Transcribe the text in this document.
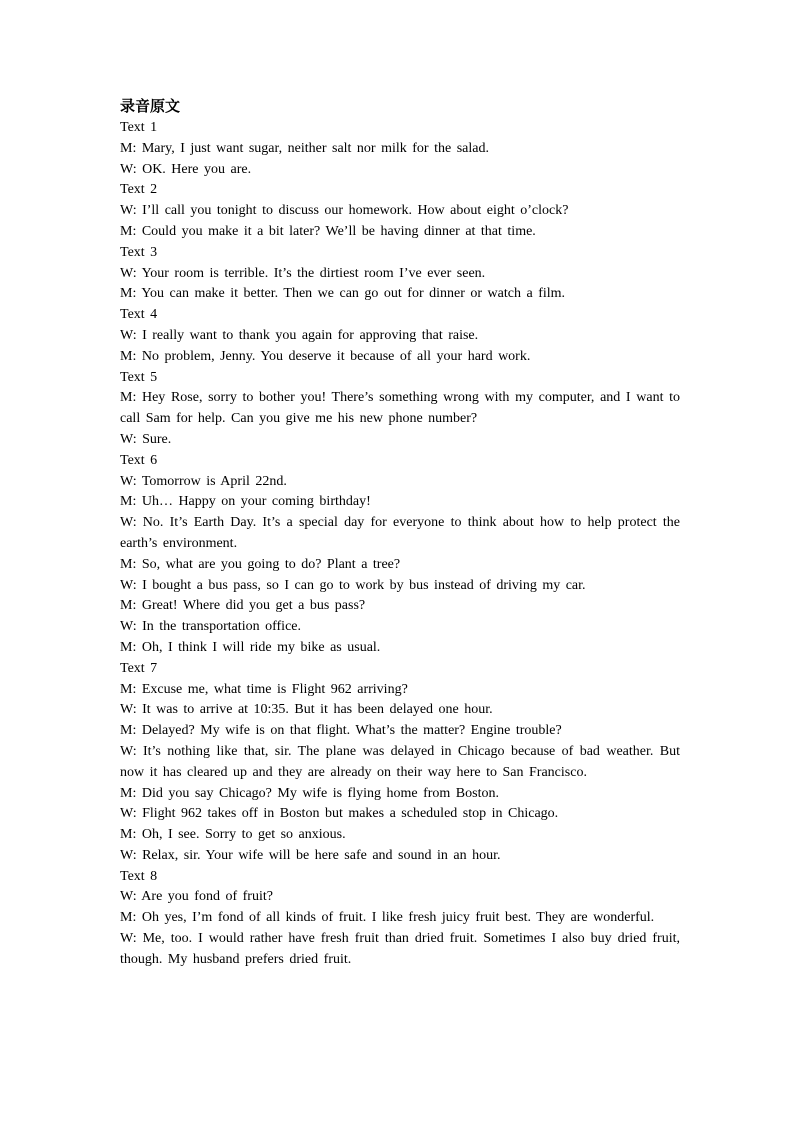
录音原文

Text 1

M: Mary, I just want sugar, neither salt nor milk for the salad.

W: OK. Here you are.

Text 2

W: I’ll call you tonight to discuss our homework. How about eight o’clock?

M: Could you make it a bit later? We’ll be having dinner at that time.

Text 3

W: Your room is terrible. It’s the dirtiest room I’ve ever seen.

M: You can make it better. Then we can go out for dinner or watch a film.

Text 4

W: I really want to thank you again for approving that raise.

M: No problem, Jenny. You deserve it because of all your hard work.

Text 5

M: Hey Rose, sorry to bother you! There’s something wrong with my computer, and I want to call Sam for help. Can you give me his new phone number?

W: Sure.

Text 6

W: Tomorrow is April 22nd.

M: Uh… Happy on your coming birthday!

W: No. It’s Earth Day. It’s a special day for everyone to think about how to help protect the earth’s environment.

M: So, what are you going to do? Plant a tree?

W: I bought a bus pass, so I can go to work by bus instead of driving my car.

M: Great! Where did you get a bus pass?

W: In the transportation office.

M: Oh, I think I will ride my bike as usual.

Text 7

M: Excuse me, what time is Flight 962 arriving?

W: It was to arrive at 10:35. But it has been delayed one hour.

M: Delayed? My wife is on that flight. What’s the matter? Engine trouble?

W: It’s nothing like that, sir. The plane was delayed in Chicago because of bad weather. But now it has cleared up and they are already on their way here to San Francisco.

M: Did you say Chicago? My wife is flying home from Boston.

W: Flight 962 takes off in Boston but makes a scheduled stop in Chicago.

M: Oh, I see. Sorry to get so anxious.

W: Relax, sir. Your wife will be here safe and sound in an hour.

Text 8

W: Are you fond of fruit?

M: Oh yes, I’m fond of all kinds of fruit. I like fresh juicy fruit best. They are wonderful.

W: Me, too. I would rather have fresh fruit than dried fruit. Sometimes I also buy dried fruit, though. My husband prefers dried fruit.
